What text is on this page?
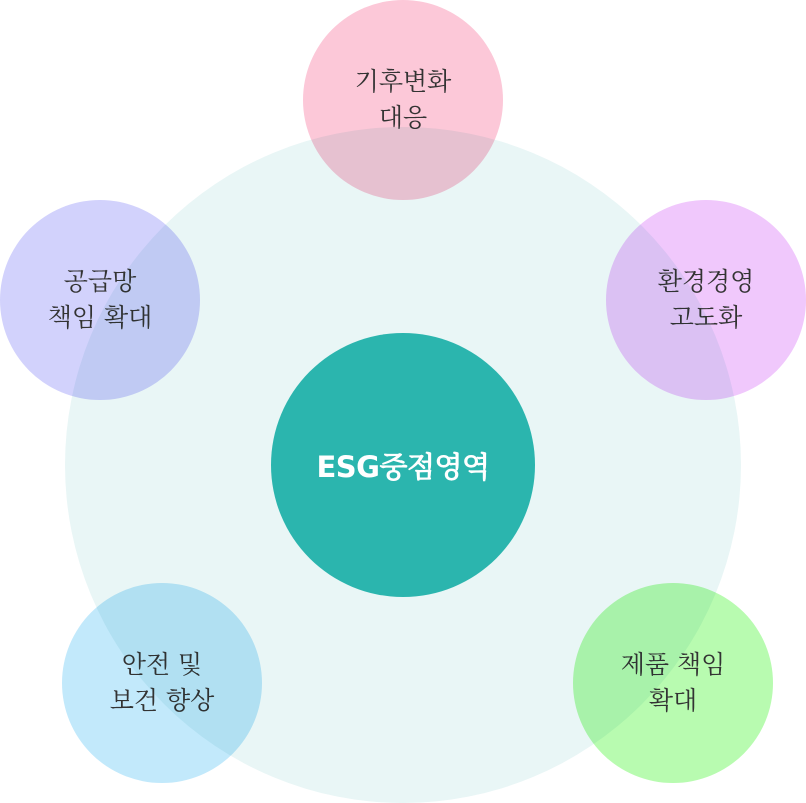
ESG중점영역
기후변화
대응
환경경영
고도화
제품 책임
확대
안전 및
보건 향상
공급망
책임 확대
